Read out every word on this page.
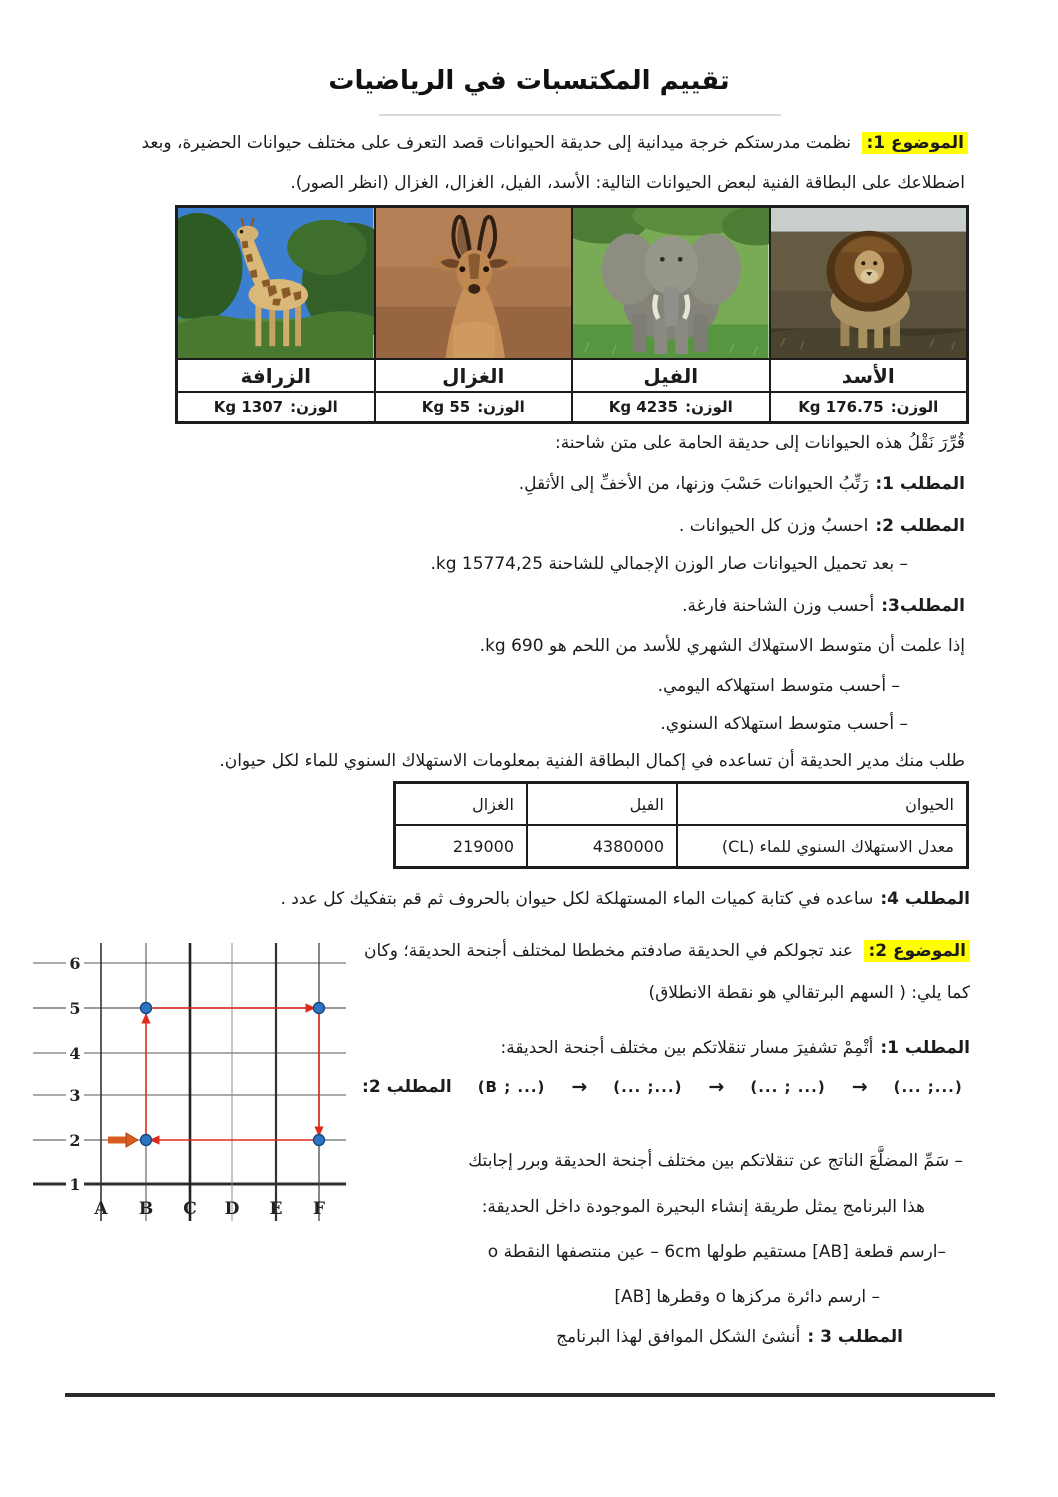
تقييم المكتسبات في الرياضيات
الموضوع 1: نظمت مدرستكم خرجة ميدانية إلى حديقة الحيوانات قصد التعرف على مختلف حيوانات الحضيرة، وبعد
اضطلاعك على البطاقة الفنية لبعض الحيوانات التالية: الأسد، الفيل، الغزال، الغزال (انظر الصور).
الأسد
الفيل
الغزال
الزرافة
الوزن:
176.75 Kg
الوزن:
4235 Kg
الوزن:
55 Kg
الوزن:
1307 Kg
قُرِّرَ نَقْلُ هذه الحيوانات إلى حديقة الحامة على متن شاحنة:
المطلب 1:رَتِّبُ الحيوانات حَسْبَ وزنها، من الأخفِّ إلى الأثقلِ.
المطلب 2:احسبُ وزن كل الحيوانات .
– بعد تحميل الحيوانات صار الوزن الإجمالي للشاحنة 15774,25 kg.
المطلب3:أحسب وزن الشاحنة فارغة.
إذا علمت أن متوسط الاستهلاك الشهري للأسد من اللحم هو 690 kg.
– أحسب متوسط استهلاكه اليومي.
– أحسب متوسط استهلاكه السنوي.
طلب منك مدير الحديقة أن تساعده في إكمال البطاقة الفنية بمعلومات الاستهلاك السنوي للماء لكل حيوان.
الحيوان
الفيل
الغزال
معدل الاستهلاك السنوي للماء (CL)
4380000
219000
المطلب 4:ساعده في كتابة كميات الماء المستهلكة لكل حيوان بالحروف ثم قم بتفكيك كل عدد .
الموضوع 2: عند تجولكم في الحديقة صادفتم مخططا لمختلف أجنحة الحديقة؛ وكان
كما يلي: ( السهم البرتقالي هو نقطة الانطلاق)
المطلب 1:أتْمِمْ تشفيرَ مسار تنقلاتكم بين مختلف أجنحة الحديقة:
المطلب 2: (B ; ...) → (... ;...) → (... ; ...) → (... ;...)
– سَمِّ المضلَّعَ الناتج عن تنقلاتكم بين مختلف أجنحة الحديقة وبرر إجابتك
هذا البرنامج يمثل طريقة إنشاء البحيرة الموجودة داخل الحديقة:
–ارسم قطعة [AB] مستقيم طولها 6cm – عين منتصفها النقطة o
– ارسم دائرة مركزها o وقطرها [AB]
المطلب 3 :أنشئ الشكل الموافق لهذا البرنامج
1
2
3
4
5
6
A B C D E F
